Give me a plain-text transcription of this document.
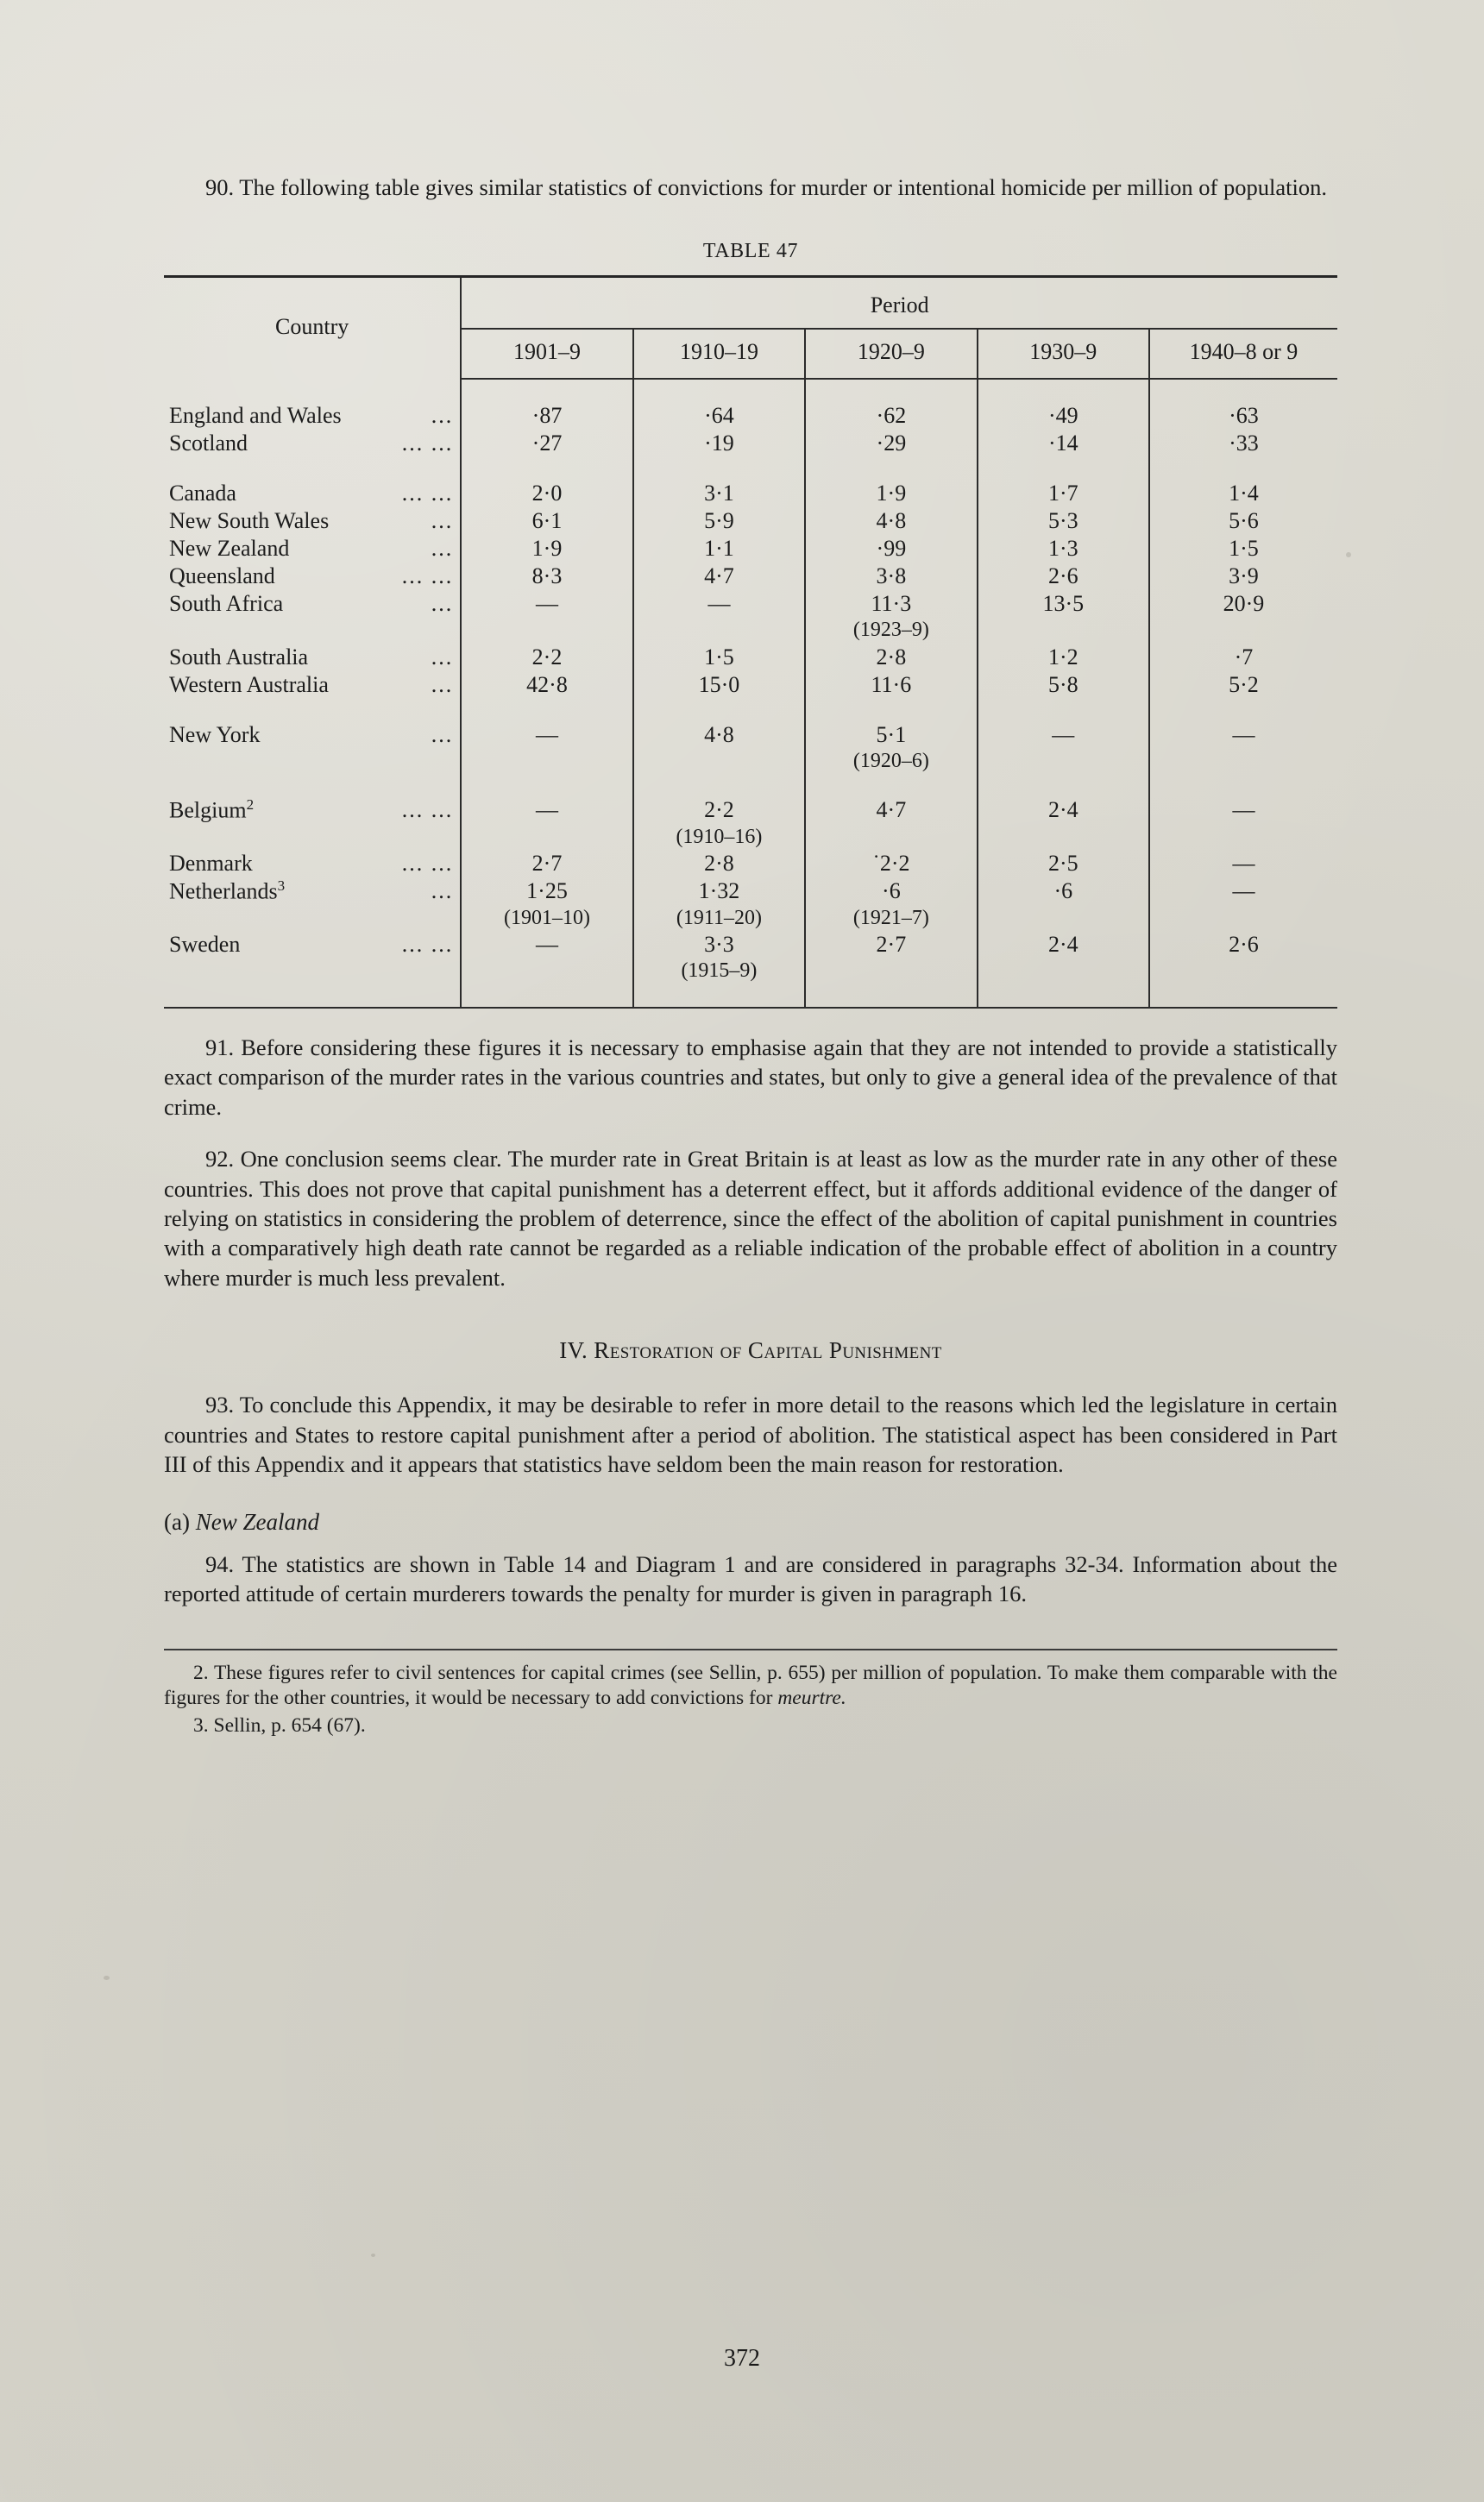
90. The following table gives similar statistics of convictions for murder or intentional homicide per million of population.

TABLE 47

Country	Period				
	1901–9	1910–19	1920–9	1930–9	1940–8 or 9

England and Wales ...	·87	·64	·62	·49	·63
Scotland ... ...	·27	·19	·29	·14	·33

Canada ... ...	2·0	3·1	1·9	1·7	1·4
New South Wales ...	6·1	5·9	4·8	5·3	5·6
New Zealand ...	1·9	1·1	·99	1·3	1·5
Queensland ... ...	8·3	4·7	3·8	2·6	3·9
South Africa ...	—	—	11·3	13·5	20·9
			(1923–9)		
South Australia ...	2·2	1·5	2·8	1·2	·7
Western Australia ...	42·8	15·0	11·6	5·8	5·2

New York ...	—	4·8	5·1	—	—
			(1920–6)		

Belgium$^2$ ... ...	—	2·2	4·7	2·4	—
		(1910–16)			
Denmark ... ...	2·7	2·8	˙2·2	2·5	—
Netherlands$^3$ ...	1·25	1·32	·6	·6	—
	(1901–10)	(1911–20)	(1921–7)		
Sweden ... ...	—	3·3	2·7	2·4	2·6
		(1915–9)			

91. Before considering these figures it is necessary to emphasise again that they are not intended to provide a statistically exact comparison of the murder rates in the various countries and states, but only to give a general idea of the prevalence of that crime.

92. One conclusion seems clear. The murder rate in Great Britain is at least as low as the murder rate in any other of these countries. This does not prove that capital punishment has a deterrent effect, but it affords additional evidence of the danger of relying on statistics in considering the problem of deterrence, since the effect of the abolition of capital punishment in countries with a comparatively high death rate cannot be regarded as a reliable indication of the probable effect of abolition in a country where murder is much less prevalent.

IV. Restoration of Capital Punishment

93. To conclude this Appendix, it may be desirable to refer in more detail to the reasons which led the legislature in certain countries and States to restore capital punishment after a period of abolition. The statistical aspect has been considered in Part III of this Appendix and it appears that statistics have seldom been the main reason for restoration.

(a) New Zealand

94. The statistics are shown in Table 14 and Diagram 1 and are considered in paragraphs 32-34. Information about the reported attitude of certain murderers towards the penalty for murder is given in paragraph 16.

2. These figures refer to civil sentences for capital crimes (see Sellin, p. 655) per million of population. To make them comparable with the figures for the other countries, it would be necessary to add convictions for meurtre.
3. Sellin, p. 654 (67).
372
